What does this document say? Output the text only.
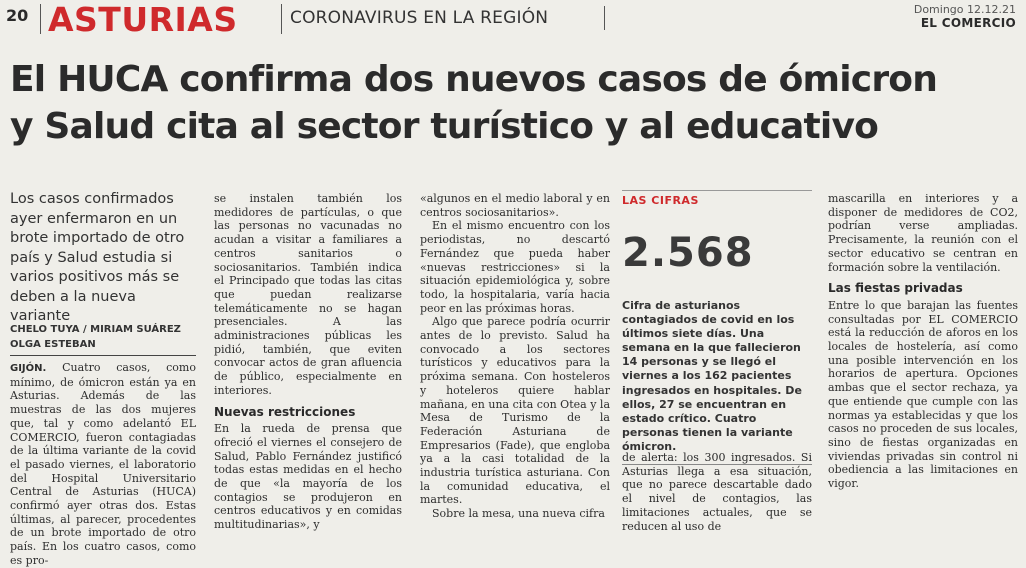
20 ASTURIAS	CORONAVIRUS EN LA REGIÓN	Domingo 12.12.21
EL COMERCIO
El HUCA confirma dos nuevos casos de ómicron
y Salud cita al sector turístico y al educativo
Los casos confirmados ayer enfermaron en un brote importado de otro país y Salud estudia si varios positivos más se deben a la nueva variante
CHELO TUYA / MIRIAM SUÁREZ
OLGA ESTEBAN

GIJÓN. Cuatro casos, como mínimo, de ómicron están ya en Asturias. Además de las muestras de las dos mujeres que, tal y como adelantó EL COMERCIO, fueron contagiadas de la última variante de la covid el pasado viernes, el laboratorio del Hospital Universitario Central de Asturias (HUCA) confirmó ayer otras dos. Estas últimas, al parecer, procedentes de un brote importado de otro país. En los cuatro casos, como es pro-

se instalen también los medidores de partículas, o que las personas no vacunadas no acudan a visitar a familiares a centros sanitarios o sociosanitarios. También indica el Principado que todas las citas que puedan realizarse telemáticamente no se hagan presenciales. A las administraciones públicas les pidió, también, que eviten convocar actos de gran afluencia de público, especialmente en interiores.

Nuevas restricciones

En la rueda de prensa que ofreció el viernes el consejero de Salud, Pablo Fernández justificó todas estas medidas en el hecho de que «la mayoría de los contagios se produjeron en centros educativos y en comidas multitudinarias», y

«algunos en el medio laboral y en centros sociosanitarios».

En el mismo encuentro con los periodistas, no descartó Fernández que pueda haber «nuevas restricciones» si la situación epidemiológica y, sobre todo, la hospitalaria, varía hacia peor en las próximas horas.

Algo que parece podría ocurrir antes de lo previsto. Salud ha convocado a los sectores turísticos y educativos para la próxima semana. Con hosteleros y hoteleros quiere hablar mañana, en una cita con Otea y la Mesa de Turismo de la Federación Asturiana de Empresarios (Fade), que engloba ya a la casi totalidad de la industria turística asturiana. Con la comunidad educativa, el martes.

Sobre la mesa, una nueva cifra

LAS CIFRAS
2.568
Cifra de asturianos contagiados de covid en los últimos siete días. Una semana en la que fallecieron 14 personas y se llegó el viernes a los 162 pacientes ingresados en hospitales. De ellos, 27 se encuentran en estado crítico. Cuatro personas tienen la variante ómicron.

de alerta: los 300 ingresados. Si Asturias llega a esa situación, que no parece descartable dado el nivel de contagios, las limitaciones actuales, que se reducen al uso de

mascarilla en interiores y a disponer de medidores de CO2, podrían verse ampliadas. Precisamente, la reunión con el sector educativo se centran en formación sobre la ventilación.

Las fiestas privadas

Entre lo que barajan las fuentes consultadas por EL COMERCIO está la reducción de aforos en los locales de hostelería, así como una posible intervención en los horarios de apertura. Opciones ambas que el sector rechaza, ya que entiende que cumple con las normas ya establecidas y que los casos no proceden de sus locales, sino de fiestas organizadas en viviendas privadas sin control ni obediencia a las limitaciones en vigor.
